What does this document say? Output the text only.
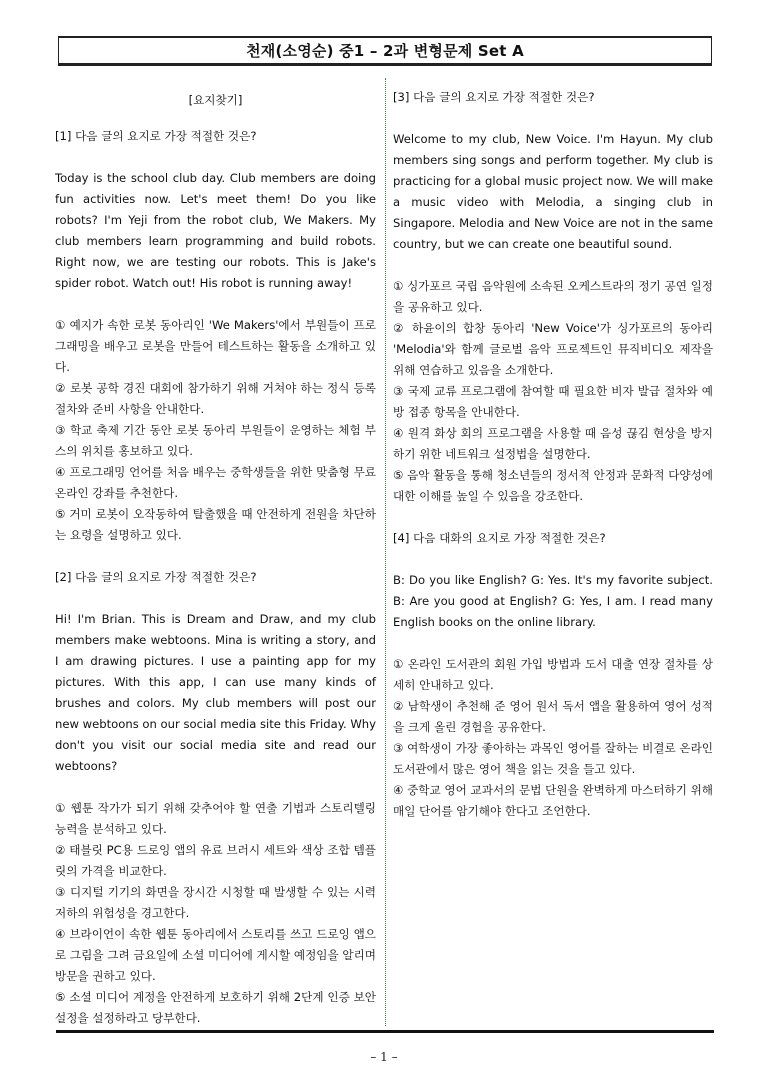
천재(소영순) 중1 – 2과 변형문제 Set A
[요지찾기]
[1] 다음 글의 요지로 가장 적절한 것은?
Today is the school club day. Club members are doing fun activities now. Let's meet them! Do you like robots? I'm Yeji from the robot club, We Makers. My club members learn programming and build robots. Right now, we are testing our robots. This is Jake's spider robot. Watch out! His robot is running away!
① 예지가 속한 로봇 동아리인 'We Makers'에서 부원들이 프로그래밍을 배우고 로봇을 만들어 테스트하는 활동을 소개하고 있다.
② 로봇 공학 경진 대회에 참가하기 위해 거쳐야 하는 정식 등록 절차와 준비 사항을 안내한다.
③ 학교 축제 기간 동안 로봇 동아리 부원들이 운영하는 체험 부스의 위치를 홍보하고 있다.
④ 프로그래밍 언어를 처음 배우는 중학생들을 위한 맞춤형 무료 온라인 강좌를 추천한다.
⑤ 거미 로봇이 오작동하여 탈출했을 때 안전하게 전원을 차단하는 요령을 설명하고 있다.
[2] 다음 글의 요지로 가장 적절한 것은?
Hi! I'm Brian. This is Dream and Draw, and my club members make webtoons. Mina is writing a story, and I am drawing pictures. I use a painting app for my pictures. With this app, I can use many kinds of brushes and colors. My club members will post our new webtoons on our social media site this Friday. Why don't you visit our social media site and read our webtoons?
① 웹툰 작가가 되기 위해 갖추어야 할 연출 기법과 스토리텔링 능력을 분석하고 있다.
② 태블릿 PC용 드로잉 앱의 유료 브러시 세트와 색상 조합 템플릿의 가격을 비교한다.
③ 디지털 기기의 화면을 장시간 시청할 때 발생할 수 있는 시력 저하의 위험성을 경고한다.
④ 브라이언이 속한 웹툰 동아리에서 스토리를 쓰고 드로잉 앱으로 그림을 그려 금요일에 소셜 미디어에 게시할 예정임을 알리며 방문을 권하고 있다.
⑤ 소셜 미디어 계정을 안전하게 보호하기 위해 2단계 인증 보안 설정을 설정하라고 당부한다.
[3] 다음 글의 요지로 가장 적절한 것은?
Welcome to my club, New Voice. I'm Hayun. My club members sing songs and perform together. My club is practicing for a global music project now. We will make a music video with Melodia, a singing club in Singapore. Melodia and New Voice are not in the same country, but we can create one beautiful sound.
① 싱가포르 국립 음악원에 소속된 오케스트라의 정기 공연 일정을 공유하고 있다.
② 하윤이의 합창 동아리 'New Voice'가 싱가포르의 동아리 'Melodia'와 함께 글로벌 음악 프로젝트인 뮤직비디오 제작을 위해 연습하고 있음을 소개한다.
③ 국제 교류 프로그램에 참여할 때 필요한 비자 발급 절차와 예방 접종 항목을 안내한다.
④ 원격 화상 회의 프로그램을 사용할 때 음성 끊김 현상을 방지하기 위한 네트워크 설정법을 설명한다.
⑤ 음악 활동을 통해 청소년들의 정서적 안정과 문화적 다양성에 대한 이해를 높일 수 있음을 강조한다.
[4] 다음 대화의 요지로 가장 적절한 것은?
B: Do you like English? G: Yes. It's my favorite subject. B: Are you good at English? G: Yes, I am. I read many English books on the online library.
① 온라인 도서관의 회원 가입 방법과 도서 대출 연장 절차를 상세히 안내하고 있다.
② 남학생이 추천해 준 영어 원서 독서 앱을 활용하여 영어 성적을 크게 올린 경험을 공유한다.
③ 여학생이 가장 좋아하는 과목인 영어를 잘하는 비결로 온라인 도서관에서 많은 영어 책을 읽는 것을 들고 있다.
④ 중학교 영어 교과서의 문법 단원을 완벽하게 마스터하기 위해 매일 단어를 암기해야 한다고 조언한다.
– 1 –
